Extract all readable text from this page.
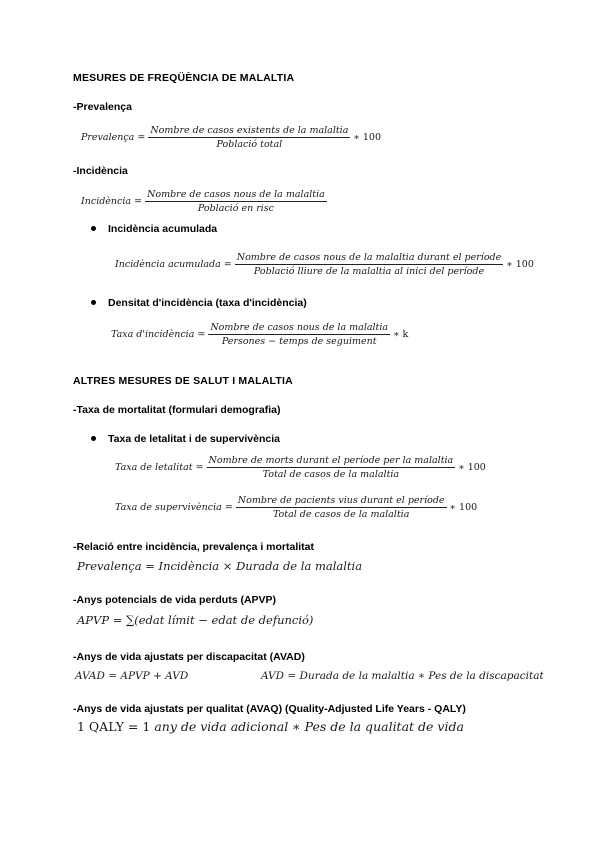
MESURES DE FREQÜÈNCIA DE MALALTIA
-Prevalença
Prevalença = $\frac{\text{Nombre de casos existents de la malaltia}}{\text{Població total}}$ ∗ 100
-Incidència
Incidència = $\frac{\text{Nombre de casos nous de la malaltia}}{\text{Població en risc}}$
Incidència acumulada
Incidència acumulada = $\frac{\text{Nombre de casos nous de la malaltia durant el període}}{\text{Població lliure de la malaltia al inici del període}}$ ∗ 100
Densitat d'incidència (taxa d'incidència)
Taxa d'incidència = $\frac{\text{Nombre de casos nous de la malaltia}}{\text{Persones − temps de seguiment}}$ ∗ k
ALTRES MESURES DE SALUT I MALALTIA
-Taxa de mortalitat (formulari demografia)
Taxa de letalitat i de supervivència
Taxa de letalitat = $\frac{\text{Nombre de morts durant el període per la malaltia}}{\text{Total de casos de la malaltia}}$ ∗ 100
Taxa de supervivència = $\frac{\text{Nombre de pacients vius durant el període}}{\text{Total de casos de la malaltia}}$ ∗ 100
-Relació entre incidència, prevalença i mortalitat
Prevalença = Incidència × Durada de la malaltia
-Anys potencials de vida perduts (APVP)
APVP = ∑(edat límit − edat de defunció)
-Anys de vida ajustats per discapacitat (AVAD)
AVAD = APVP + AVD	AVD = Durada de la malaltia ∗ Pes de la discapacitat
-Anys de vida ajustats per qualitat (AVAQ) (Quality-Adjusted Life Years - QALY)
1 QALY = 1 any de vida adicional ∗ Pes de la qualitat de vida
